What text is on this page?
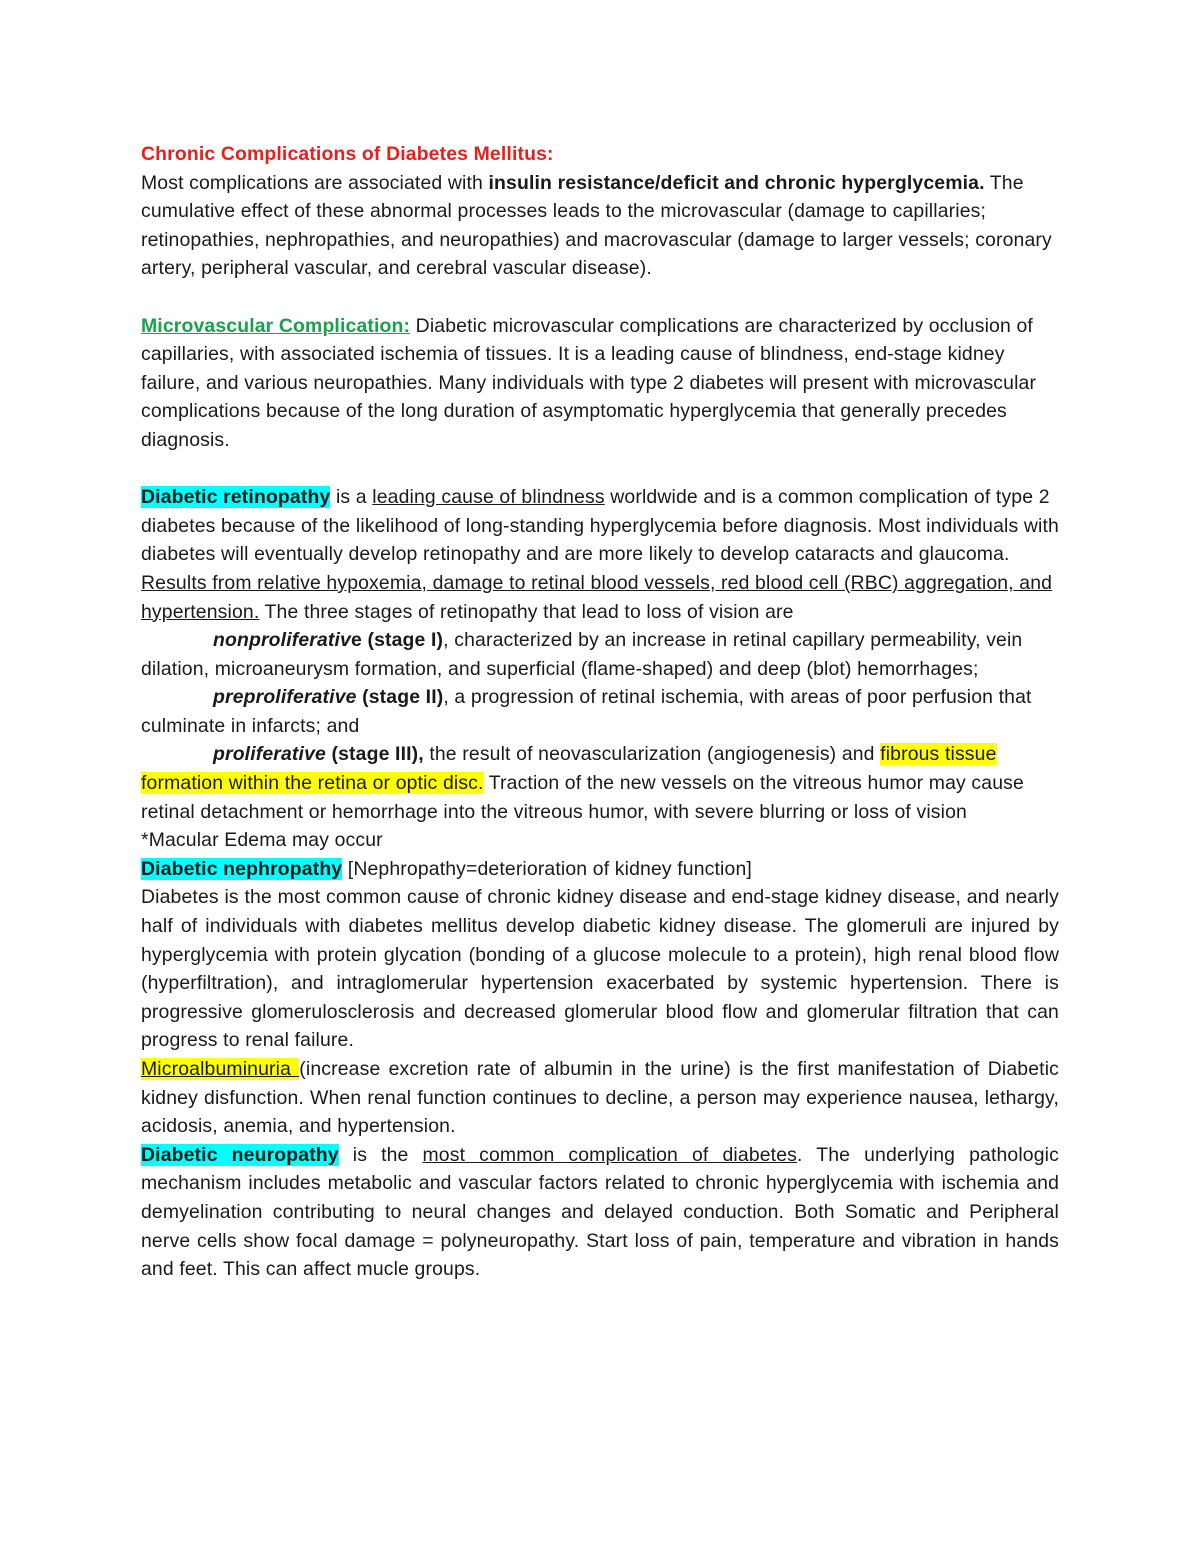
Chronic Complications of Diabetes Mellitus:

Most complications are associated with insulin resistance/deficit and chronic hyperglycemia. The cumulative effect of these abnormal processes leads to the microvascular (damage to capillaries; retinopathies, nephropathies, and neuropathies) and macrovascular (damage to larger vessels; coronary artery, peripheral vascular, and cerebral vascular disease).

Microvascular Complication: Diabetic microvascular complications are characterized by occlusion of capillaries, with associated ischemia of tissues. It is a leading cause of blindness, end-stage kidney failure, and various neuropathies. Many individuals with type 2 diabetes will present with microvascular complications because of the long duration of asymptomatic hyperglycemia that generally precedes diagnosis.

Diabetic retinopathy is a leading cause of blindness worldwide and is a common complication of type 2 diabetes because of the likelihood of long-standing hyperglycemia before diagnosis. Most individuals with diabetes will eventually develop retinopathy and are more likely to develop cataracts and glaucoma. Results from relative hypoxemia, damage to retinal blood vessels, red blood cell (RBC) aggregation, and hypertension. The three stages of retinopathy that lead to loss of vision are

nonproliferative (stage I), characterized by an increase in retinal capillary permeability, vein dilation, microaneurysm formation, and superficial (flame-shaped) and deep (blot) hemorrhages;

preproliferative (stage II), a progression of retinal ischemia, with areas of poor perfusion that culminate in infarcts; and

proliferative (stage III), the result of neovascularization (angiogenesis) and fibrous tissue formation within the retina or optic disc. Traction of the new vessels on the vitreous humor may cause retinal detachment or hemorrhage into the vitreous humor, with severe blurring or loss of vision

*Macular Edema may occur

Diabetic nephropathy [Nephropathy=deterioration of kidney function]

Diabetes is the most common cause of chronic kidney disease and end-stage kidney disease, and nearly half of individuals with diabetes mellitus develop diabetic kidney disease. The glomeruli are injured by hyperglycemia with protein glycation (bonding of a glucose molecule to a protein), high renal blood flow (hyperfiltration), and intraglomerular hypertension exacerbated by systemic hypertension. There is progressive glomerulosclerosis and decreased glomerular blood flow and glomerular filtration that can progress to renal failure.

Microalbuminuria (increase excretion rate of albumin in the urine) is the first manifestation of Diabetic kidney disfunction. When renal function continues to decline, a person may experience nausea, lethargy, acidosis, anemia, and hypertension.

Diabetic neuropathy is the most common complication of diabetes. The underlying pathologic mechanism includes metabolic and vascular factors related to chronic hyperglycemia with ischemia and demyelination contributing to neural changes and delayed conduction. Both Somatic and Peripheral nerve cells show focal damage = polyneuropathy. Start loss of pain, temperature and vibration in hands and feet. This can affect mucle groups.
